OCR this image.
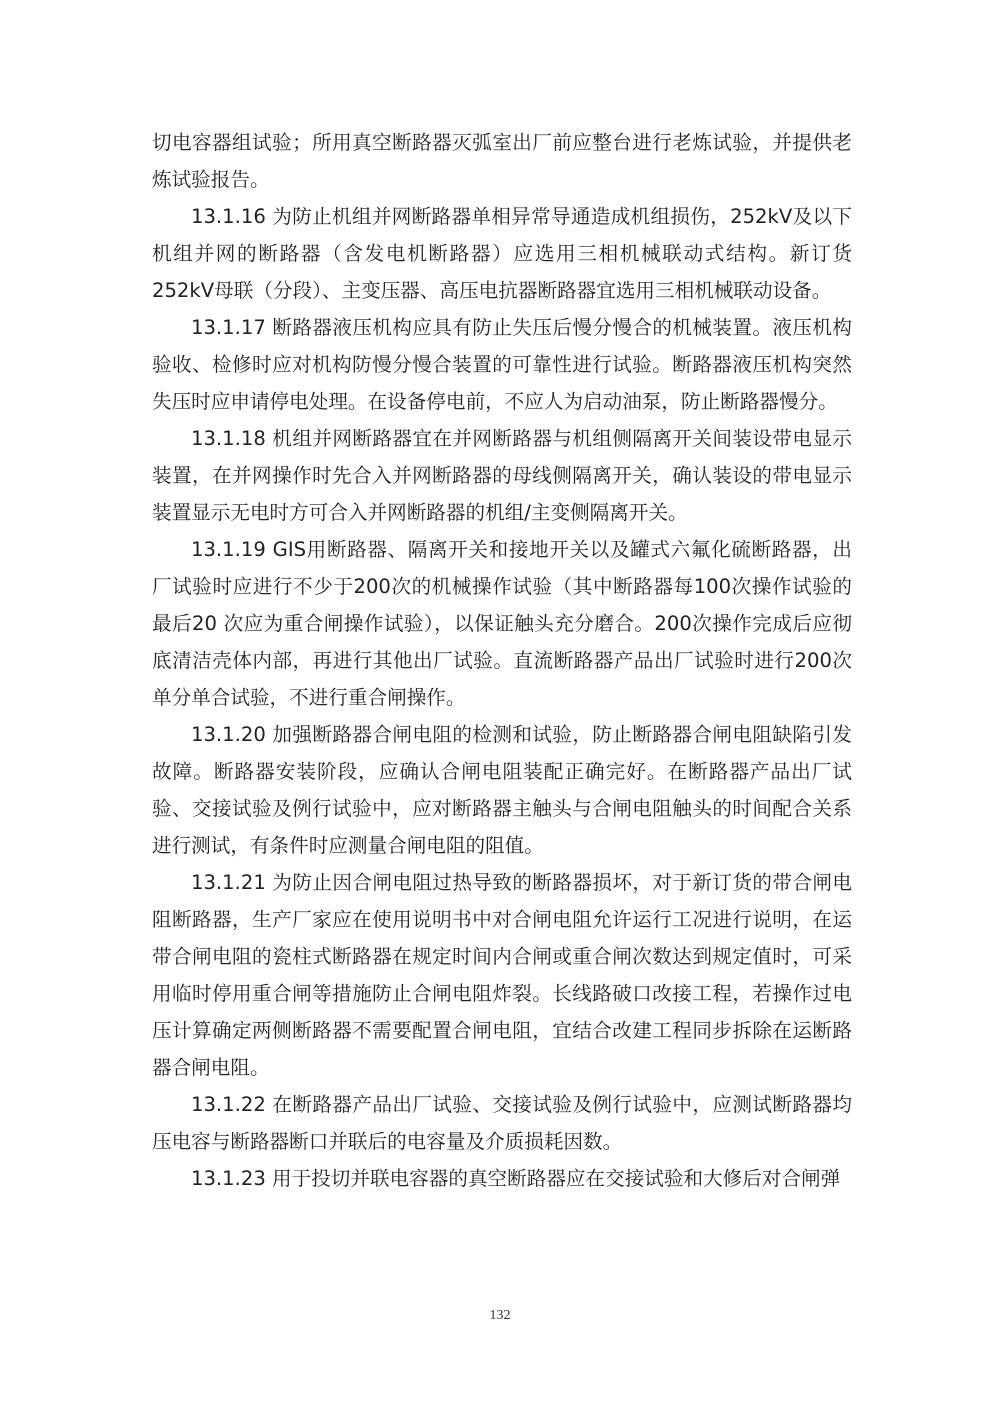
切电容器组试验；所用真空断路器灭弧室出厂前应整台进行老炼试验，并提供老炼试验报告。

13.1.16 为防止机组并网断路器单相异常导通造成机组损伤，252kV及以下机组并网的断路器（含发电机断路器）应选用三相机械联动式结构。新订货252kV母联（分段）、主变压器、高压电抗器断路器宜选用三相机械联动设备。

13.1.17 断路器液压机构应具有防止失压后慢分慢合的机械装置。液压机构验收、检修时应对机构防慢分慢合装置的可靠性进行试验。断路器液压机构突然失压时应申请停电处理。在设备停电前，不应人为启动油泵，防止断路器慢分。

13.1.18 机组并网断路器宜在并网断路器与机组侧隔离开关间装设带电显示装置，在并网操作时先合入并网断路器的母线侧隔离开关，确认装设的带电显示装置显示无电时方可合入并网断路器的机组/主变侧隔离开关。

13.1.19 GIS用断路器、隔离开关和接地开关以及罐式六氟化硫断路器，出厂试验时应进行不少于200次的机械操作试验（其中断路器每100次操作试验的最后20 次应为重合闸操作试验），以保证触头充分磨合。200次操作完成后应彻底清洁壳体内部，再进行其他出厂试验。直流断路器产品出厂试验时进行200次单分单合试验，不进行重合闸操作。

13.1.20 加强断路器合闸电阻的检测和试验，防止断路器合闸电阻缺陷引发故障。断路器安装阶段，应确认合闸电阻装配正确完好。在断路器产品出厂试验、交接试验及例行试验中，应对断路器主触头与合闸电阻触头的时间配合关系进行测试，有条件时应测量合闸电阻的阻值。

13.1.21 为防止因合闸电阻过热导致的断路器损坏，对于新订货的带合闸电阻断路器，生产厂家应在使用说明书中对合闸电阻允许运行工况进行说明，在运带合闸电阻的瓷柱式断路器在规定时间内合闸或重合闸次数达到规定值时，可采用临时停用重合闸等措施防止合闸电阻炸裂。长线路破口改接工程，若操作过电压计算确定两侧断路器不需要配置合闸电阻，宜结合改建工程同步拆除在运断路器合闸电阻。

13.1.22 在断路器产品出厂试验、交接试验及例行试验中，应测试断路器均压电容与断路器断口并联后的电容量及介质损耗因数。

13.1.23 用于投切并联电容器的真空断路器应在交接试验和大修后对合闸弹

132
